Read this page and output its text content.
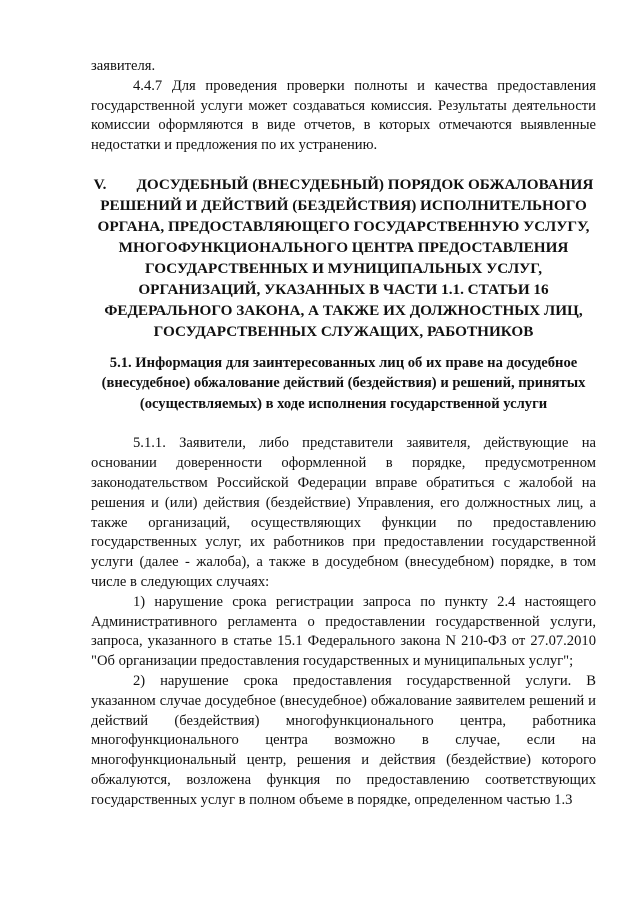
заявителя.

4.4.7 Для проведения проверки полноты и качества предоставления государственной услуги может создаваться комиссия. Результаты деятельности комиссии оформляются в виде отчетов, в которых отмечаются выявленные недостатки и предложения по их устранению.

V. ДОСУДЕБНЫЙ (ВНЕСУДЕБНЫЙ) ПОРЯДОК ОБЖАЛОВАНИЯ РЕШЕНИЙ И ДЕЙСТВИЙ (БЕЗДЕЙСТВИЯ) ИСПОЛНИТЕЛЬНОГО ОРГАНА, ПРЕДОСТАВЛЯЮЩЕГО ГОСУДАРСТВЕННУЮ УСЛУГУ, МНОГОФУНКЦИОНАЛЬНОГО ЦЕНТРА ПРЕДОСТАВЛЕНИЯ ГОСУДАРСТВЕННЫХ И МУНИЦИПАЛЬНЫХ УСЛУГ, ОРГАНИЗАЦИЙ, УКАЗАННЫХ В ЧАСТИ 1.1. СТАТЬИ 16 ФЕДЕРАЛЬНОГО ЗАКОНА, А ТАКЖЕ ИХ ДОЛЖНОСТНЫХ ЛИЦ, ГОСУДАРСТВЕННЫХ СЛУЖАЩИХ, РАБОТНИКОВ
5.1. Информация для заинтересованных лиц об их праве на досудебное (внесудебное) обжалование действий (бездействия) и решений, принятых (осуществляемых) в ходе исполнения государственной услуги

5.1.1. Заявители, либо представители заявителя, действующие на основании доверенности оформленной в порядке, предусмотренном законодательством Российской Федерации вправе обратиться с жалобой на решения и (или) действия (бездействие) Управления, его должностных лиц, а также организаций, осуществляющих функции по предоставлению государственных услуг, их работников при предоставлении государственной услуги (далее - жалоба), а также в досудебном (внесудебном) порядке, в том числе в следующих случаях:

1) нарушение срока регистрации запроса по пункту 2.4 настоящего Административного регламента о предоставлении государственной услуги, запроса, указанного в статье 15.1 Федерального закона N 210-ФЗ от 27.07.2010 "Об организации предоставления государственных и муниципальных услуг";

2) нарушение срока предоставления государственной услуги. В указанном случае досудебное (внесудебное) обжалование заявителем решений и действий (бездействия) многофункционального центра, работника многофункционального центра возможно в случае, если на многофункциональный центр, решения и действия (бездействие) которого обжалуются, возложена функция по предоставлению соответствующих государственных услуг в полном объеме в порядке, определенном частью 1.3
